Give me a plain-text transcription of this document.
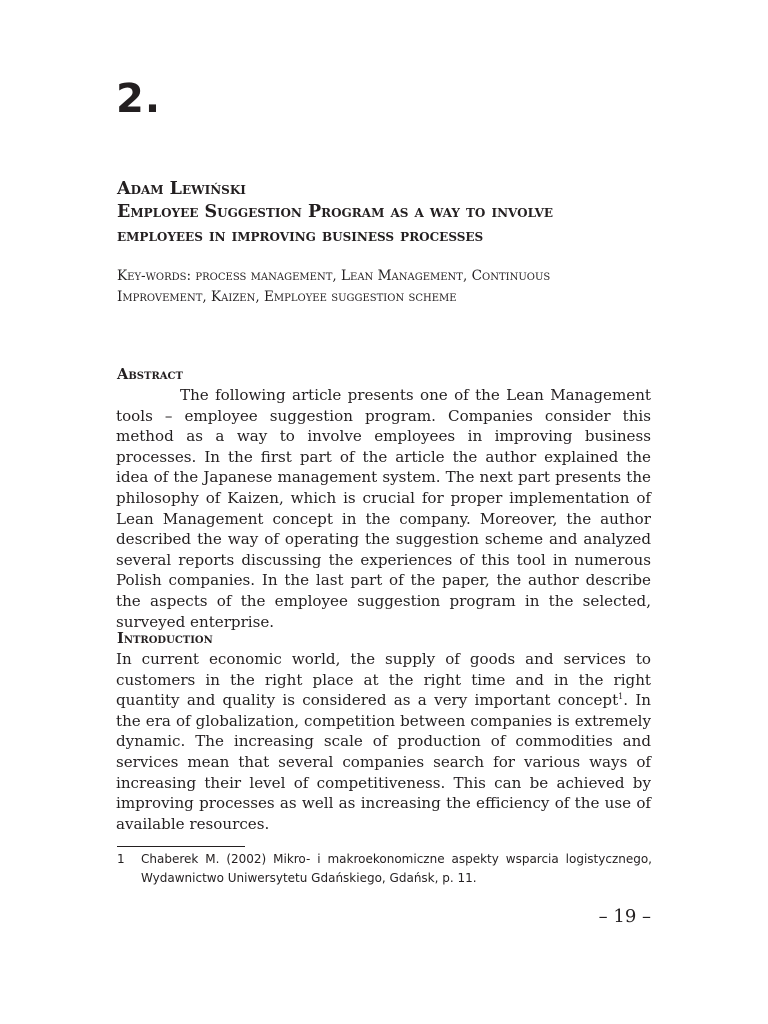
2.
Adam Lewiński
Employee Suggestion Program as a way to involve
employees in improving business processes
Key-words: process management, Lean Management, Continuous
Improvement, Kaizen, Employee suggestion scheme
Abstract

The following article presents one of the Lean Management tools – employee suggestion program. Companies consider this method as a way to involve employees in improving business processes. In the first part of the article the author explained the idea of the Japanese management system. The next part presents the philosophy of Kaizen, which is crucial for proper implementation of Lean Management concept in the company. Moreover, the author described the way of operating the suggestion scheme and analyzed several reports discussing the experiences of this tool in numerous Polish companies. In the last part of the paper, the author describe the aspects of the employee suggestion program in the selected, surveyed enterprise.

Introduction

In current economic world, the supply of goods and services to customers in the right place at the right time and in the right quantity and quality is considered as a very important concept$^1$. In the era of globalization, competition between companies is extremely dynamic. The increasing scale of production of commodities and services mean that several companies search for various ways of increasing their level of competitiveness. This can be achieved by improving processes as well as increasing the efficiency of the use of available resources.

1 Chaberek M. (2002) Mikro- i makroekonomiczne aspekty wsparcia logistycznego, Wydawnictwo Uniwersytetu Gdańskiego, Gdańsk, p. 11.
– 19 –
